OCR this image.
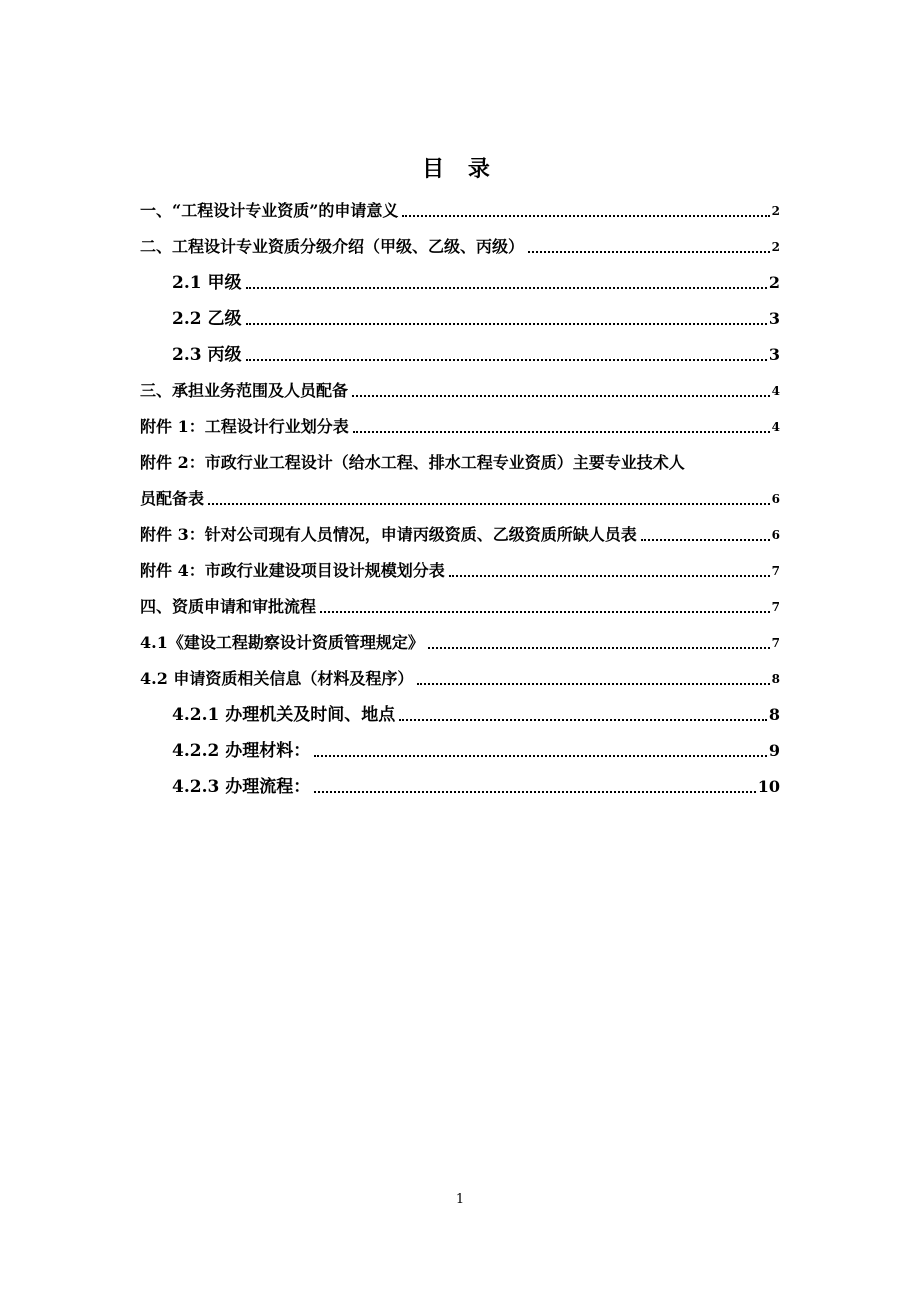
目 录
一、“工程设计专业资质”的申请意义	2
二、工程设计专业资质分级介绍（甲级、乙级、丙级）	2
2.1 甲级	2
2.2 乙级	3
2.3 丙级	3
三、承担业务范围及人员配备	4
附件 1：工程设计行业划分表	4
附件 2：市政行业工程设计（给水工程、排水工程专业资质）主要专业技术人
员配备表	6
附件 3：针对公司现有人员情况，申请丙级资质、乙级资质所缺人员表	6
附件 4：市政行业建设项目设计规模划分表	7
四、资质申请和审批流程	7
4.1《建设工程勘察设计资质管理规定》	7
4.2 申请资质相关信息（材料及程序）	8
4.2.1 办理机关及时间、地点	8
4.2.2 办理材料：	9
4.2.3 办理流程：	10
1
